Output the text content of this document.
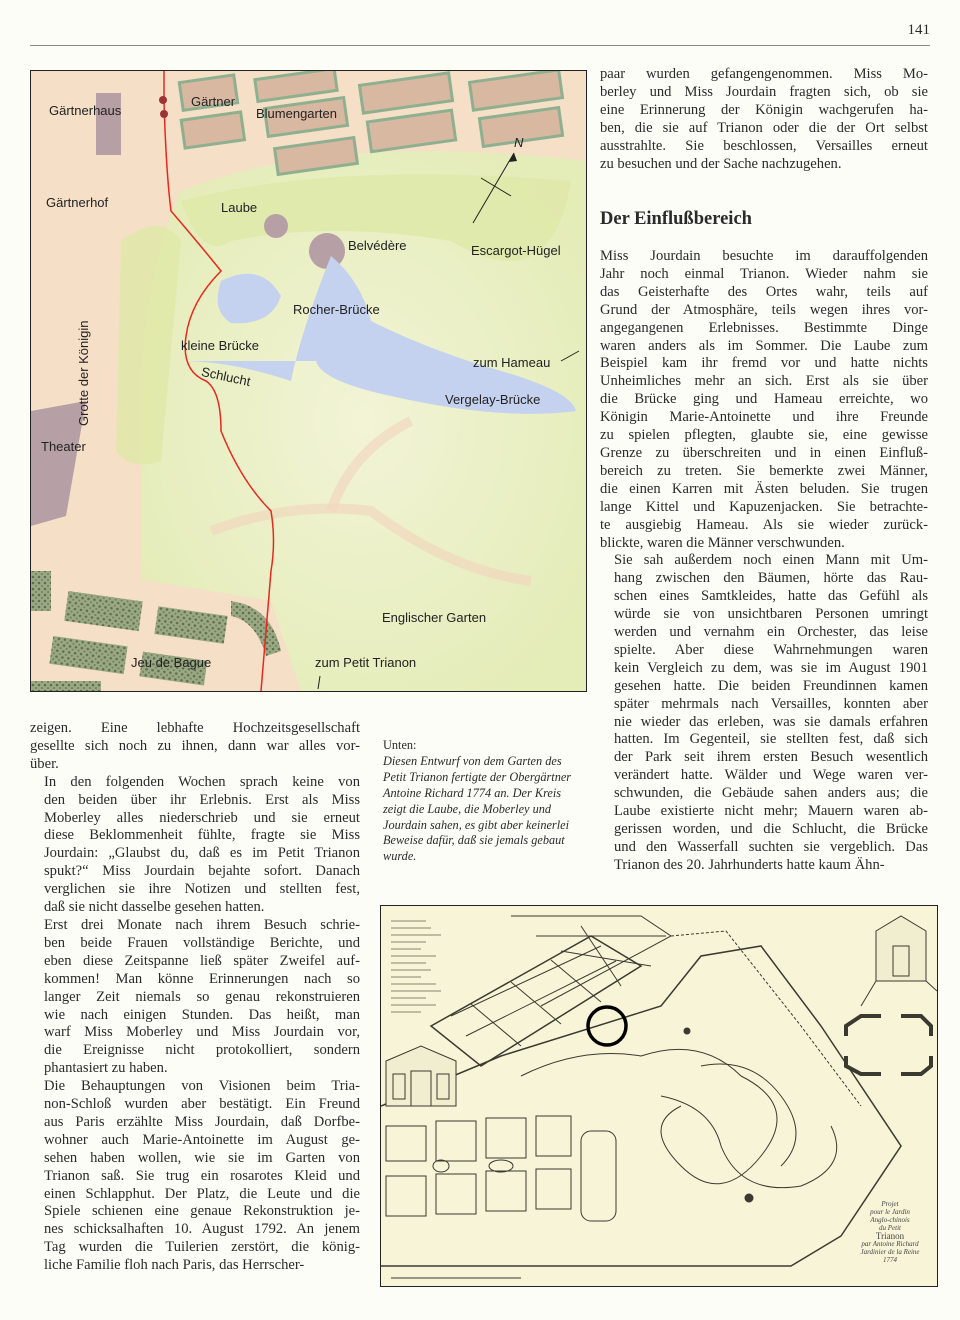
141
Gärtnerhaus
Gärtner
Blumengarten
Gärtnerhof	Laube
Belvédère	Escargot-Hügel
N
Grotte der Königin
Rocher-Brücke
kleine Brücke
Schlucht
zum Hameau
Vergelay-Brücke
Theater
Englischer Garten
Jeu de Bague	zum Petit Trianon

paar wurden gefangengenommen. Miss Mo-
berley und Miss Jourdain fragten sich, ob sie
eine Erinnerung der Königin wachgerufen ha-
ben, die sie auf Trianon oder die der Ort selbst
ausstrahlte. Sie beschlossen, Versailles erneut
zu besuchen und der Sache nachzugehen.

Der Einflußbereich

Miss Jourdain besuchte im darauffolgenden
Jahr noch einmal Trianon. Wieder nahm sie
das Geisterhafte des Ortes wahr, teils auf
Grund der Atmosphäre, teils wegen ihres vor-
angegangenen Erlebnisses. Bestimmte Dinge
waren anders als im Sommer. Die Laube zum
Beispiel kam ihr fremd vor und hatte nichts
Unheimliches mehr an sich. Erst als sie über
die Brücke ging und Hameau erreichte, wo
Königin Marie-Antoinette und ihre Freunde
zu spielen pflegten, glaubte sie, eine gewisse
Grenze zu überschreiten und in einen Einfluß-
bereich zu treten. Sie bemerkte zwei Männer,
die einen Karren mit Ästen beluden. Sie trugen
lange Kittel und Kapuzenjacken. Sie betrachte-
te ausgiebig Hameau. Als sie wieder zurück-
blickte, waren die Männer verschwunden.

Sie sah außerdem noch einen Mann mit Um-
hang zwischen den Bäumen, hörte das Rau-
schen eines Samtkleides, hatte das Gefühl als
würde sie von unsichtbaren Personen umringt
werden und vernahm ein Orchester, das leise
spielte. Aber diese Wahrnehmungen waren
kein Vergleich zu dem, was sie im August 1901
gesehen hatte. Die beiden Freundinnen kamen
später mehrmals nach Versailles, konnten aber
nie wieder das erleben, was sie damals erfahren
hatten. Im Gegenteil, sie stellten fest, daß sich
der Park seit ihrem ersten Besuch wesentlich
verändert hatte. Wälder und Wege waren ver-
schwunden, die Gebäude sahen anders aus; die
Laube existierte nicht mehr; Mauern waren ab-
gerissen worden, und die Schlucht, die Brücke
und den Wasserfall suchten sie vergeblich. Das
Trianon des 20. Jahrhunderts hatte kaum Ähn-

zeigen. Eine lebhafte Hochzeitsgesellschaft
gesellte sich noch zu ihnen, dann war alles vor-
über.

In den folgenden Wochen sprach keine von
den beiden über ihr Erlebnis. Erst als Miss
Moberley alles niederschrieb und sie erneut
diese Beklommenheit fühlte, fragte sie Miss
Jourdain: „Glaubst du, daß es im Petit Trianon
spukt?“ Miss Jourdain bejahte sofort. Danach
verglichen sie ihre Notizen und stellten fest,
daß sie nicht dasselbe gesehen hatten.

Erst drei Monate nach ihrem Besuch schrie-
ben beide Frauen vollständige Berichte, und
eben diese Zeitspanne ließ später Zweifel auf-
kommen! Man könne Erinnerungen nach so
langer Zeit niemals so genau rekonstruieren
wie nach einigen Stunden. Das heißt, man
warf Miss Moberley und Miss Jourdain vor,
die Ereignisse nicht protokolliert, sondern
phantasiert zu haben.

Die Behauptungen von Visionen beim Tria-
non-Schloß wurden aber bestätigt. Ein Freund
aus Paris erzählte Miss Jourdain, daß Dorfbe-
wohner auch Marie-Antoinette im August ge-
sehen haben wollen, wie sie im Garten von
Trianon saß. Sie trug ein rosarotes Kleid und
einen Schlapphut. Der Platz, die Leute und die
Spiele schienen eine genaue Rekonstruktion je-
nes schicksalhaften 10. August 1792. An jenem
Tag wurden die Tuilerien zerstört, die könig-
liche Familie floh nach Paris, das Herrscher-

Unten:
Diesen Entwurf von dem Garten des Petit Trianon fertigte der Obergärtner Antoine Richard 1774 an. Der Kreis zeigt die Laube, die Moberley und Jourdain sahen, es gibt aber keinerlei Beweise dafür, daß sie jemals gebaut wurde.
Projet
pour le Jardin
Anglo-chinois
du Petit
Trianon
par Antoine Richard
Jardinier de la Reine
1774
